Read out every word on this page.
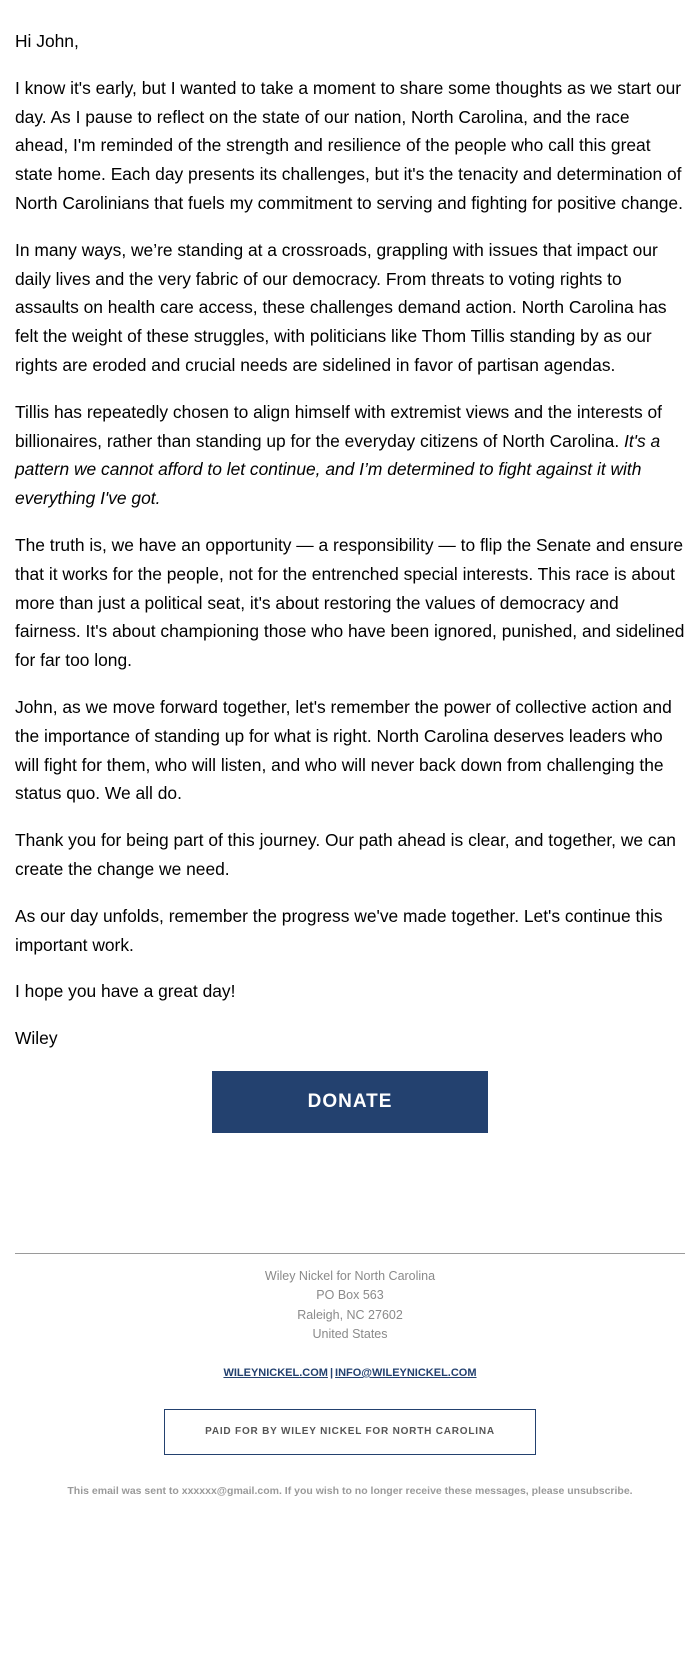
Hi John,

I know it's early, but I wanted to take a moment to share some thoughts as we start our day. As I pause to reflect on the state of our nation, North Carolina, and the race ahead, I'm reminded of the strength and resilience of the people who call this great state home. Each day presents its challenges, but it's the tenacity and determination of North Carolinians that fuels my commitment to serving and fighting for positive change.

In many ways, we’re standing at a crossroads, grappling with issues that impact our daily lives and the very fabric of our democracy. From threats to voting rights to assaults on health care access, these challenges demand action. North Carolina has felt the weight of these struggles, with politicians like Thom Tillis standing by as our rights are eroded and crucial needs are sidelined in favor of partisan agendas.

Tillis has repeatedly chosen to align himself with extremist views and the interests of billionaires, rather than standing up for the everyday citizens of North Carolina. It's a pattern we cannot afford to let continue, and I’m determined to fight against it with everything I've got.

The truth is, we have an opportunity — a responsibility — to flip the Senate and ensure that it works for the people, not for the entrenched special interests. This race is about more than just a political seat, it's about restoring the values of democracy and fairness. It's about championing those who have been ignored, punished, and sidelined for far too long.

John, as we move forward together, let's remember the power of collective action and the importance of standing up for what is right. North Carolina deserves leaders who will fight for them, who will listen, and who will never back down from challenging the status quo. We all do.

Thank you for being part of this journey. Our path ahead is clear, and together, we can create the change we need.

As our day unfolds, remember the progress we've made together. Let's continue this important work.

I hope you have a great day!

Wiley

DONATE
Wiley Nickel for North Carolina
PO Box 563
Raleigh, NC 27602
United States
WILEYNICKEL.COM | INFO@WILEYNICKEL.COM
PAID FOR BY WILEY NICKEL FOR NORTH CAROLINA
This email was sent to xxxxxx@gmail.com. If you wish to no longer receive these messages, please unsubscribe.
